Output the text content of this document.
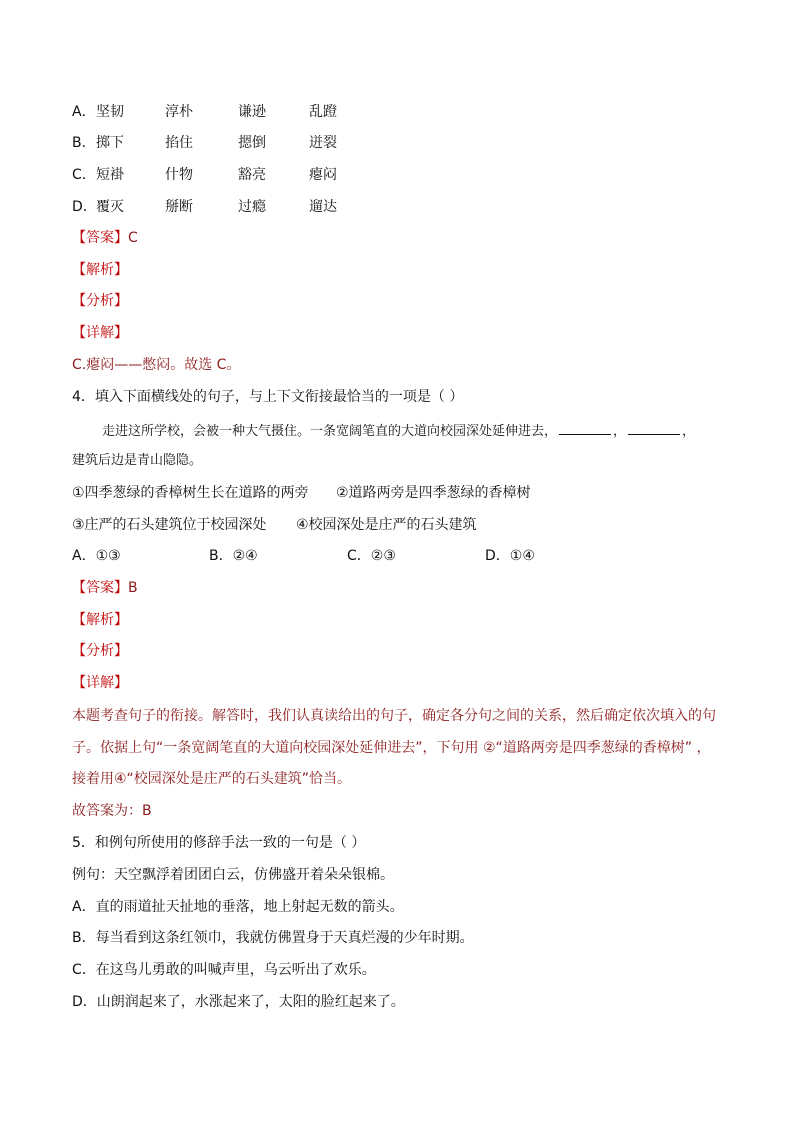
A． 坚韧	淳朴	谦逊	乱蹬
B． 掷下	掐住	摁倒	迸裂
C． 短褂	什物	豁亮	瘪闷
D． 覆灭	掰断	过瘾	遛达
【答案】C
【解析】
【分析】
【详解】
C.瘪闷——憋闷。故选 C。
4．填入下面横线处的句子，与上下文衔接最恰当的一项是（ ）
走进这所学校，会被一种大气摄住。一条宽阔笔直的大道向校园深处延伸进去，	，	，
建筑后边是青山隐隐。
①四季葱绿的香樟树生长在道路的两旁 ②道路两旁是四季葱绿的香樟树
③庄严的石头建筑位于校园深处 ④校园深处是庄严的石头建筑
A．①③	B．②④	C．②③	D．①④
【答案】B
【解析】
【分析】
【详解】
本题考查句子的衔接。解答时，我们认真读给出的句子，确定各分句之间的关系，然后确定依次填入的句
子。依据上句“一条宽阔笔直的大道向校园深处延伸进去”，下句用 ②“道路两旁是四季葱绿的香樟树” ，
接着用④“校园深处是庄严的石头建筑”恰当。
故答案为：B
5．和例句所使用的修辞手法一致的一句是（ ）
例句：天空飘浮着团团白云，仿佛盛开着朵朵银棉。
A．直的雨道扯天扯地的垂落，地上射起无数的箭头。
B．每当看到这条红领巾，我就仿佛置身于天真烂漫的少年时期。
C．在这鸟儿勇敢的叫喊声里，乌云听出了欢乐。
D．山朗润起来了，水涨起来了，太阳的脸红起来了。
